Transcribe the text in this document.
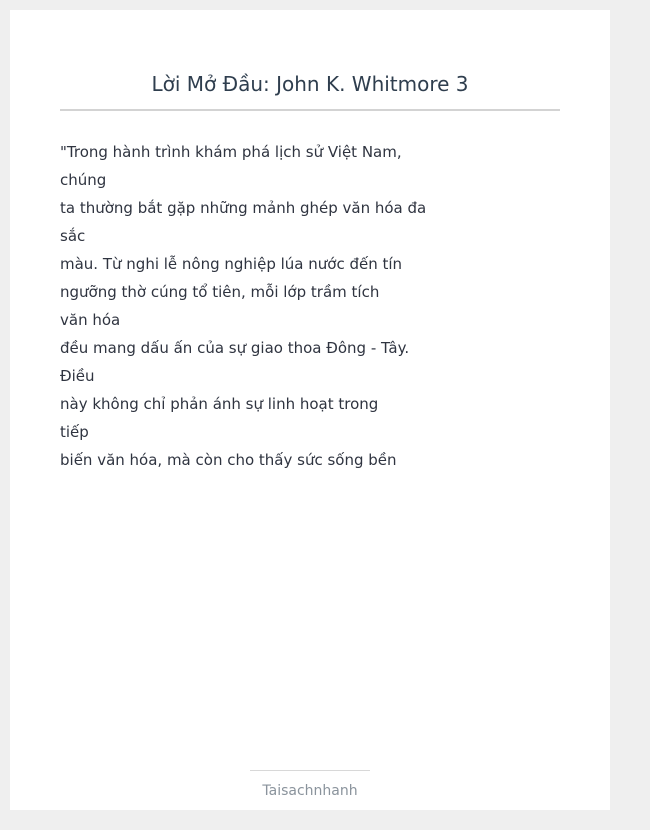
Lời Mở Đầu: John K. Whitmore 3
"Trong hành trình khám phá lịch sử Việt Nam,
chúng
ta thường bắt gặp những mảnh ghép văn hóa đa
sắc
màu. Từ nghi lễ nông nghiệp lúa nước đến tín
ngưỡng thờ cúng tổ tiên, mỗi lớp trầm tích
văn hóa
đều mang dấu ấn của sự giao thoa Đông - Tây.
Điều
này không chỉ phản ánh sự linh hoạt trong
tiếp
biến văn hóa, mà còn cho thấy sức sống bền
Taisachnhanh
